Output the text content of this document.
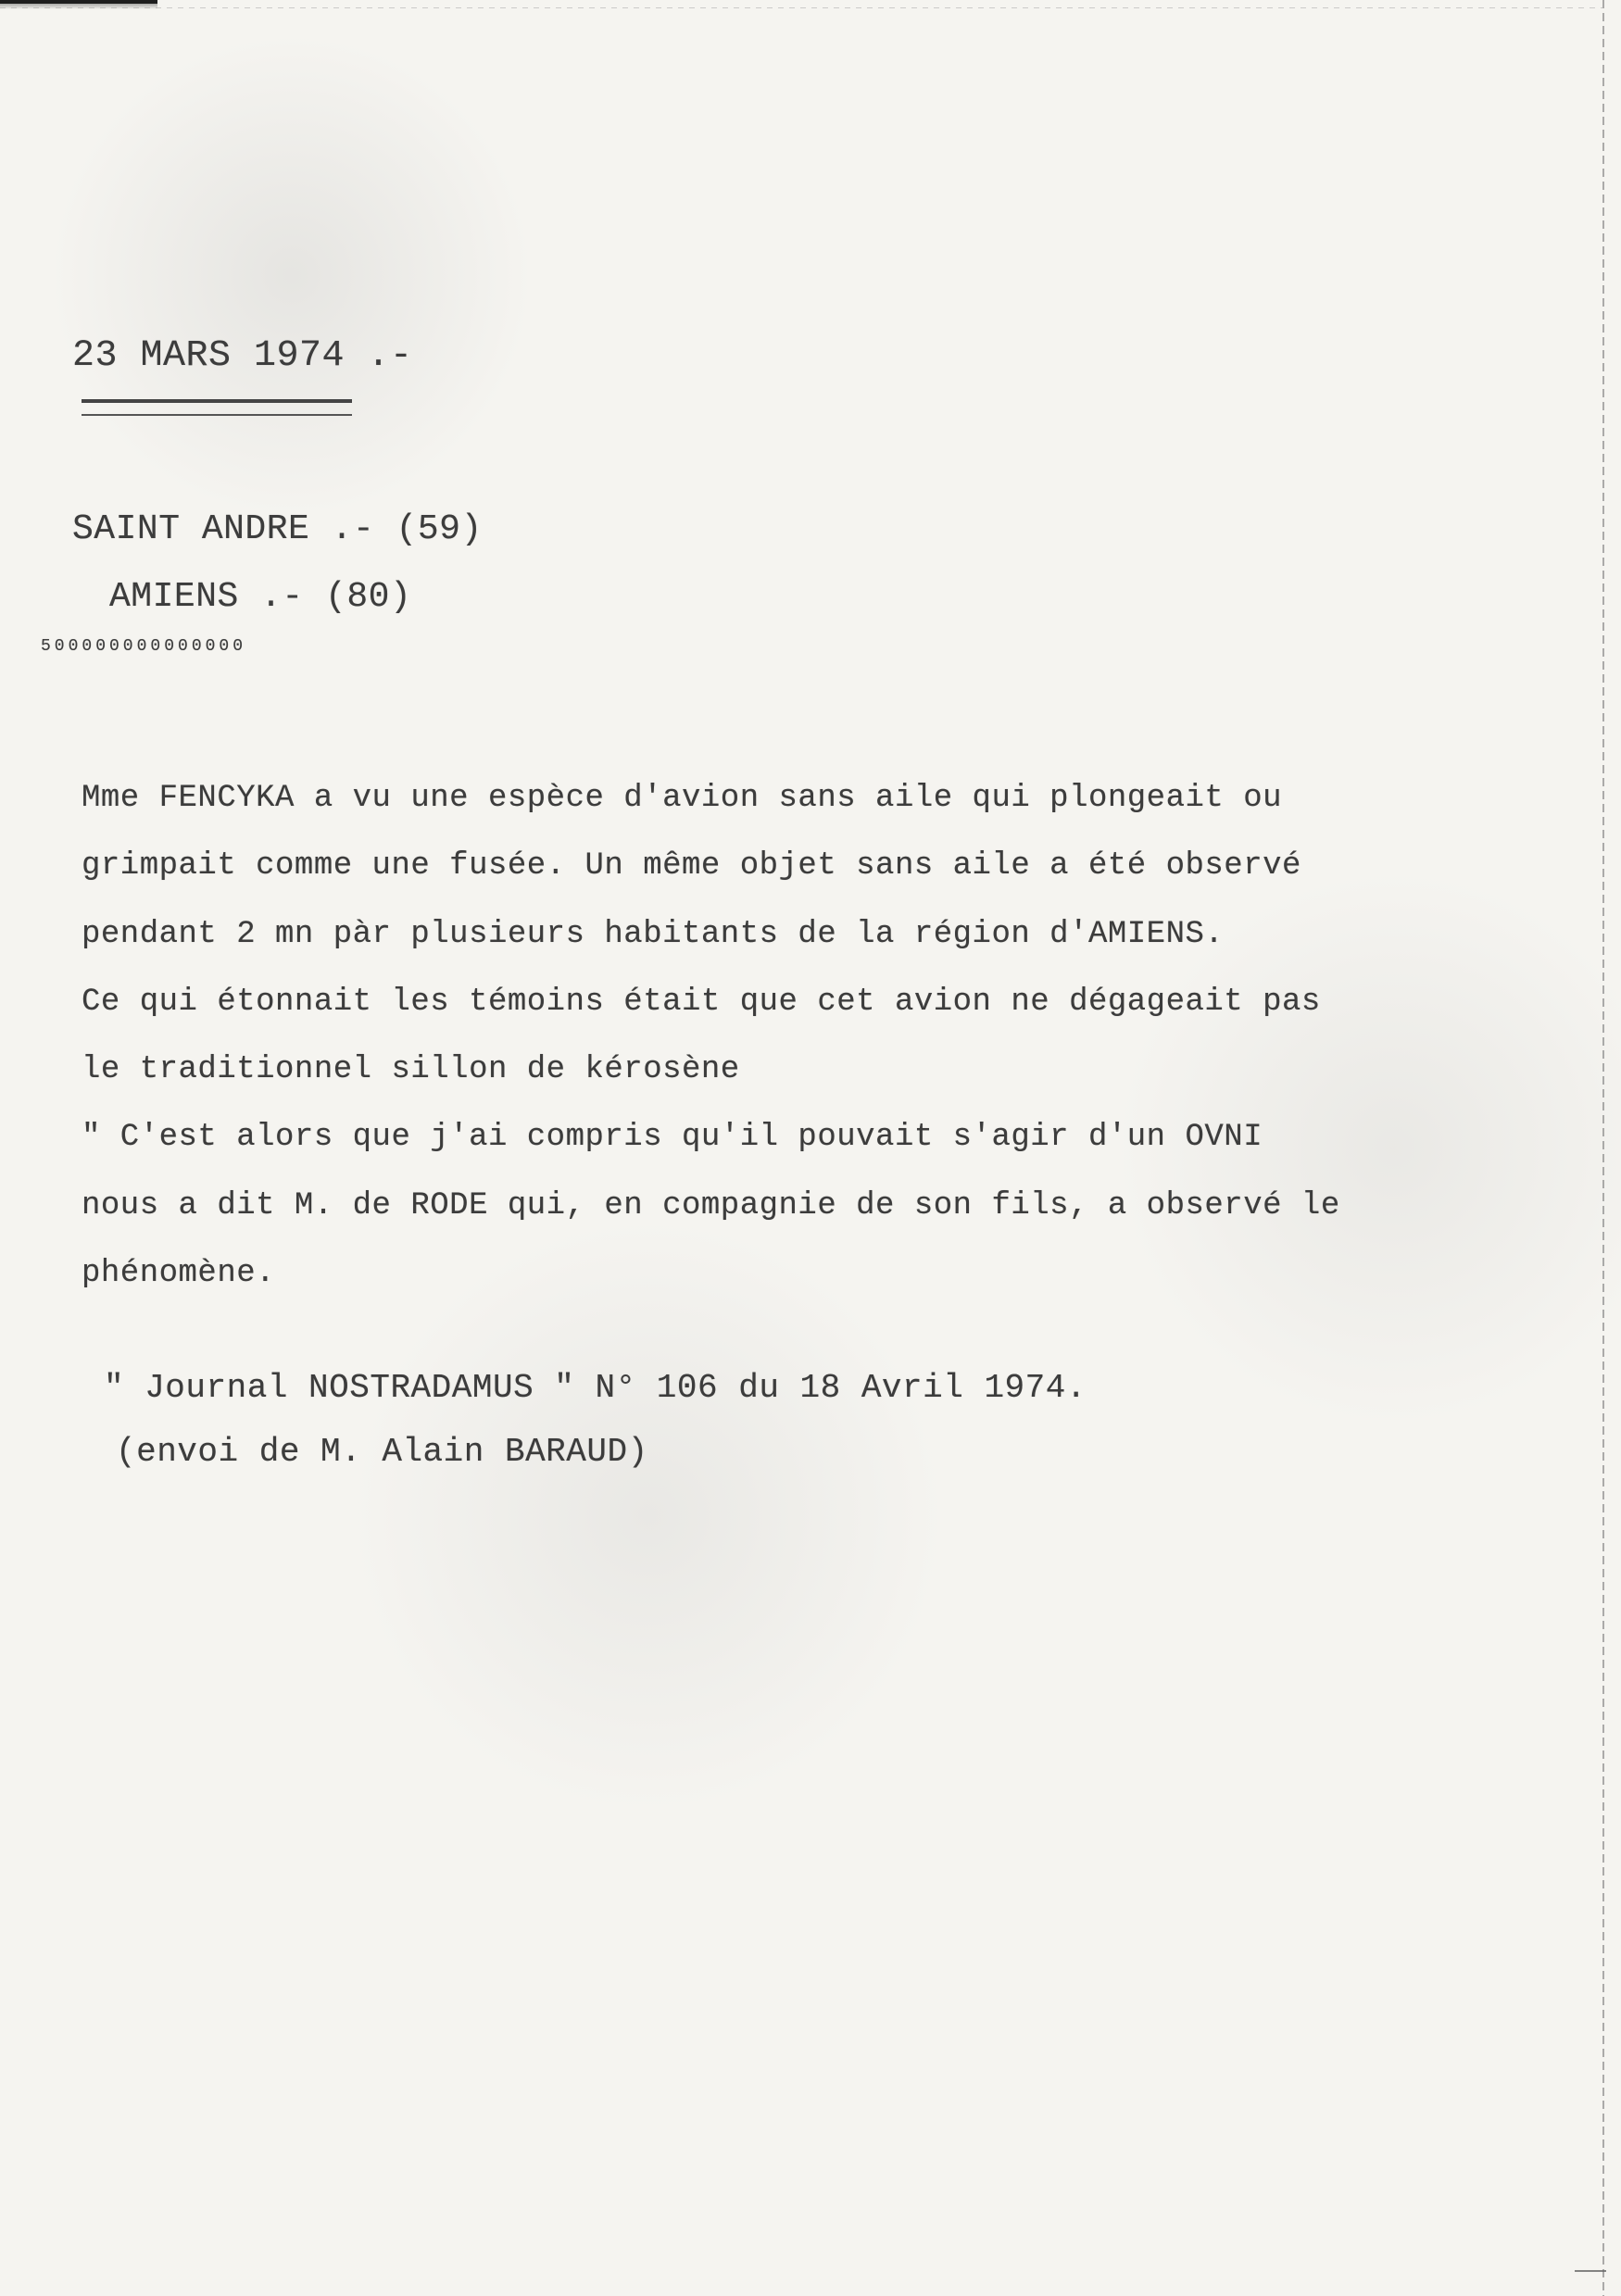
23 MARS 1974 .-
SAINT ANDRE .- (59)
AMIENS .- (80)
500000000000000
Mme FENCYKA a vu une espèce d'avion sans aile qui plongeait ou
grimpait comme une fusée. Un même objet sans aile a été observé
pendant 2 mn pàr plusieurs habitants de la région d'AMIENS.
Ce qui étonnait les témoins était que cet avion ne dégageait pas
le traditionnel sillon de kérosène
" C'est alors que j'ai compris qu'il pouvait s'agir d'un OVNI
nous a dit M. de RODE qui, en compagnie de son fils, a observé le
phénomène.
" Journal NOSTRADAMUS " N° 106 du 18 Avril 1974.
(envoi de M. Alain BARAUD)
